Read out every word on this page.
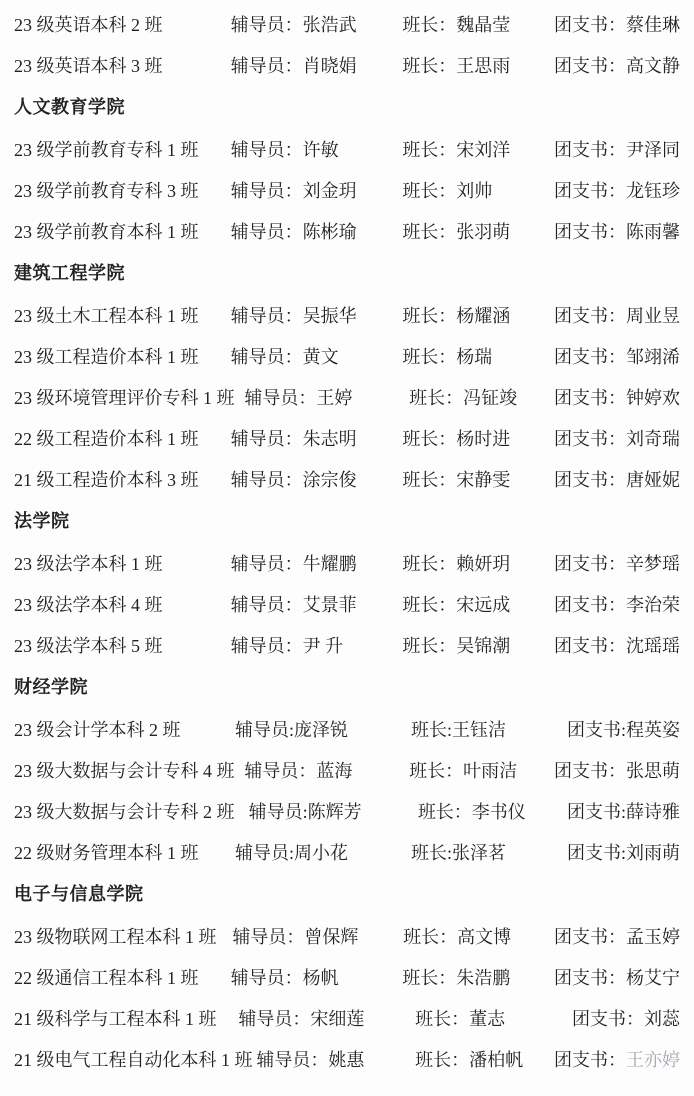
23 级英语本科 2 班	辅导员：张浩武	班长：魏晶莹	团支书：蔡佳琳
23 级英语本科 3 班	辅导员：肖晓娟	班长：王思雨	团支书：高文静
人文教育学院
23 级学前教育专科 1 班	辅导员：许敏	班长：宋刘洋	团支书：尹泽同
23 级学前教育专科 3 班	辅导员：刘金玥	班长：刘帅	团支书：龙钰珍
23 级学前教育本科 1 班	辅导员：陈彬瑜	班长：张羽萌	团支书：陈雨馨
建筑工程学院
23 级土木工程本科 1 班	辅导员：吴振华	班长：杨耀涵	团支书：周业昱
23 级工程造价本科 1 班	辅导员：黄文	班长：杨瑞	团支书：邹翊浠
23 级环境管理评价专科 1 班 辅导员：王婷	班长：冯钲竣	团支书：钟婷欢
22 级工程造价本科 1 班	辅导员：朱志明	班长：杨时进	团支书：刘奇瑞
21 级工程造价本科 3 班	辅导员：涂宗俊	班长：宋静雯	团支书：唐娅妮
法学院
23 级法学本科 1 班	辅导员：牛耀鹏	班长：赖妍玥	团支书：辛梦瑶
23 级法学本科 4 班	辅导员：艾景菲	班长：宋远成	团支书：李治荣
23 级法学本科 5 班	辅导员：尹 升	班长：吴锦潮	团支书：沈瑶瑶
财经学院
23 级会计学本科 2 班	辅导员:庞泽锐	班长:王钰洁	团支书:程英姿
23 级大数据与会计专科 4 班 辅导员：蓝海	班长：叶雨洁	团支书：张思萌
23 级大数据与会计专科 2 班 辅导员:陈辉芳	班长：李书仪	团支书:薛诗雅
22 级财务管理本科 1 班	辅导员:周小花	班长:张泽茗	团支书:刘雨萌
电子与信息学院
23 级物联网工程本科 1 班 辅导员：曾保辉	班长：高文博	团支书：孟玉婷
22 级通信工程本科 1 班	辅导员：杨帆	班长：朱浩鹏	团支书：杨艾宁
21 级科学与工程本科 1 班 辅导员：宋细莲	班长：董志	团支书：刘蕊
21 级电气工程自动化本科 1 班 辅导员：姚惠	班长：潘柏帆	团支书：王亦婷
